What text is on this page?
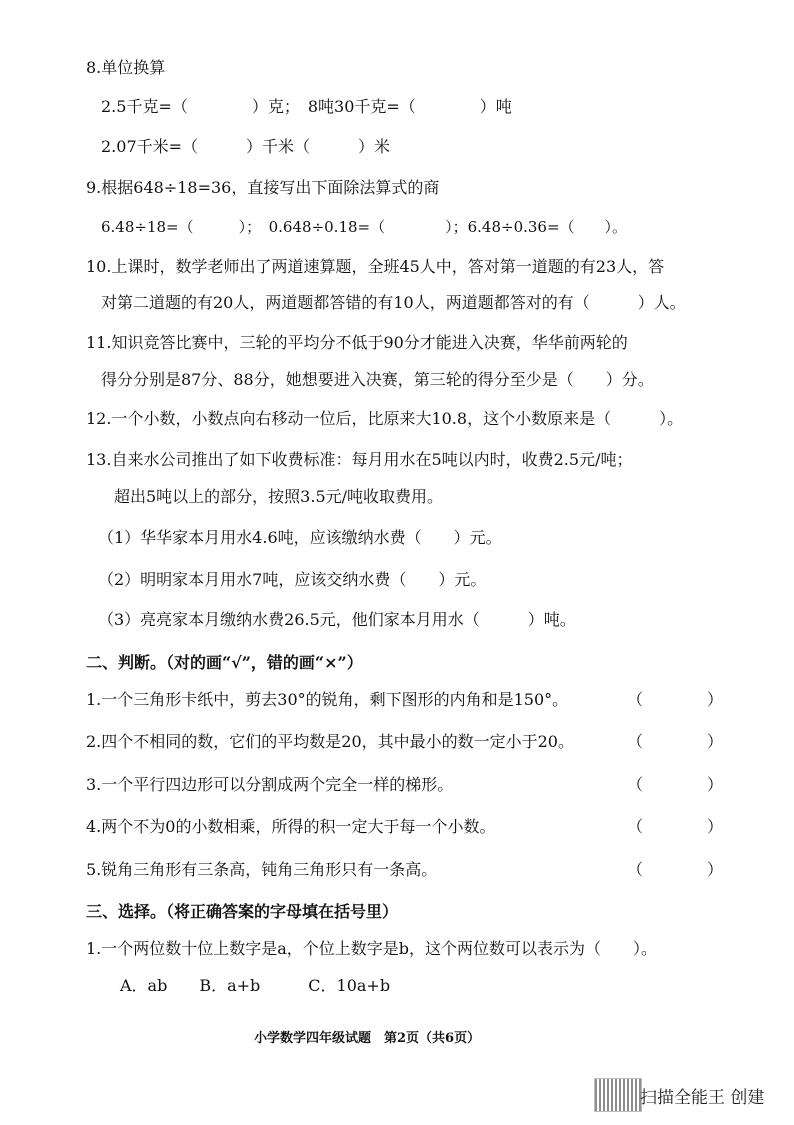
8.单位换算
2.5千克=（　　　　）克；　8吨30千克=（　　　　）吨
2.07千米=（　　　）千米（　　　）米
9.根据648÷18=36，直接写出下面除法算式的商
6.48÷18=（　　　）；　0.648÷0.18=（　　　　）；6.48÷0.36=（　　）。
10.上课时，数学老师出了两道速算题，全班45人中，答对第一道题的有23人，答
对第二道题的有20人，两道题都答错的有10人，两道题都答对的有（　　　）人。
11.知识竞答比赛中，三轮的平均分不低于90分才能进入决赛，华华前两轮的
得分分别是87分、88分，她想要进入决赛，第三轮的得分至少是（　　）分。
12.一个小数，小数点向右移动一位后，比原来大10.8，这个小数原来是（　　　）。
13.自来水公司推出了如下收费标准：每月用水在5吨以内时，收费2.5元/吨；
超出5吨以上的部分，按照3.5元/吨收取费用。
（1）华华家本月用水4.6吨，应该缴纳水费（　　）元。
（2）明明家本月用水7吨，应该交纳水费（　　）元。
（3）亮亮家本月缴纳水费26.5元，他们家本月用水（　　　）吨。
二、判断。（对的画“√”，错的画“×”）
1.一个三角形卡纸中，剪去30°的锐角，剩下图形的内角和是150°。	（　　　　）
2.四个不相同的数，它们的平均数是20，其中最小的数一定小于20。	（　　　　）
3.一个平行四边形可以分割成两个完全一样的梯形。	（　　　　）
4.两个不为0的小数相乘，所得的积一定大于每一个小数。	（　　　　）
5.锐角三角形有三条高，钝角三角形只有一条高。	（　　　　）
三、选择。（将正确答案的字母填在括号里）
1.一个两位数十位上数字是a，个位上数字是b，这个两位数可以表示为（　　）。
A．ab　　B．a+b　　　C．10a+b
小学数学四年级试题　第2页（共6页）
扫描全能王 创建
